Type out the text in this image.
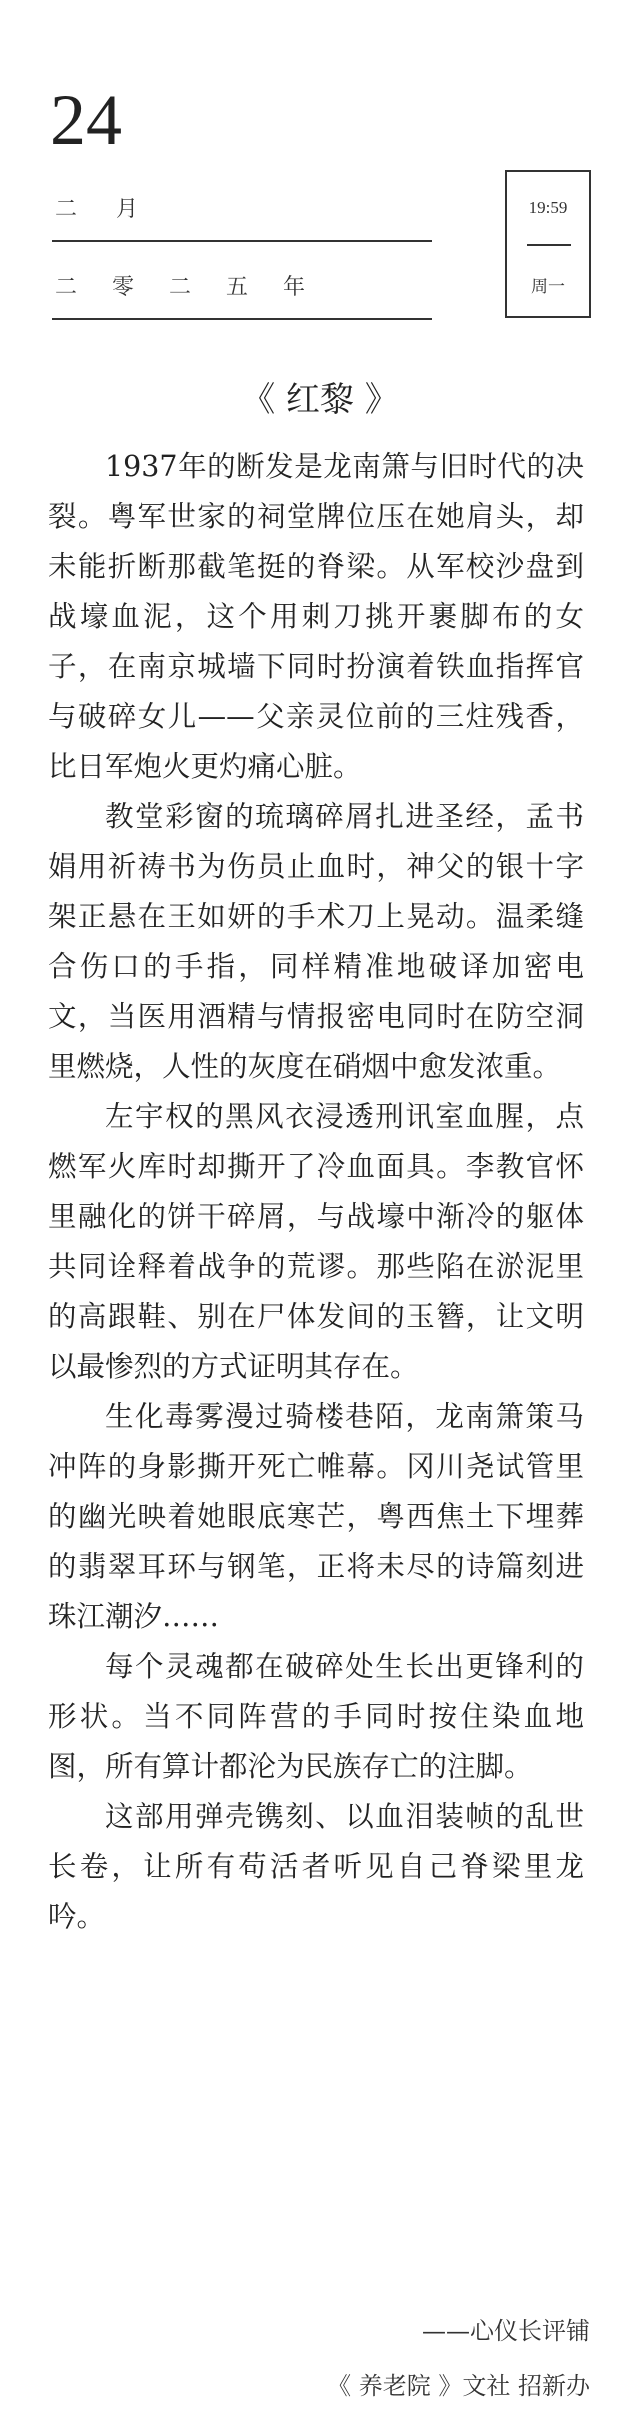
24
二 月
二 零 二 五 年
19:59
周一
《 红黎 》

1937年的断发是龙南箫与旧时代的决裂。粤军世家的祠堂牌位压在她肩头，却未能折断那截笔挺的脊梁。从军校沙盘到战壕血泥，这个用刺刀挑开裹脚布的女子，在南京城墙下同时扮演着铁血指挥官与破碎女儿——父亲灵位前的三炷残香，比日军炮火更灼痛心脏。

教堂彩窗的琉璃碎屑扎进圣经，孟书娟用祈祷书为伤员止血时，神父的银十字架正悬在王如妍的手术刀上晃动。温柔缝合伤口的手指，同样精准地破译加密电文，当医用酒精与情报密电同时在防空洞里燃烧，人性的灰度在硝烟中愈发浓重。

左宇权的黑风衣浸透刑讯室血腥，点燃军火库时却撕开了冷血面具。李教官怀里融化的饼干碎屑，与战壕中渐冷的躯体共同诠释着战争的荒谬。那些陷在淤泥里的高跟鞋、别在尸体发间的玉簪，让文明以最惨烈的方式证明其存在。

生化毒雾漫过骑楼巷陌，龙南箫策马冲阵的身影撕开死亡帷幕。冈川尧试管里的幽光映着她眼底寒芒，粤西焦土下埋葬的翡翠耳环与钢笔，正将未尽的诗篇刻进珠江潮汐……

每个灵魂都在破碎处生长出更锋利的形状。当不同阵营的手同时按住染血地图，所有算计都沦为民族存亡的注脚。

这部用弹壳镌刻、以血泪装帧的乱世长卷，让所有苟活者听见自己脊梁里龙吟。

——心仪长评铺
《 养老院 》文社 招新办
